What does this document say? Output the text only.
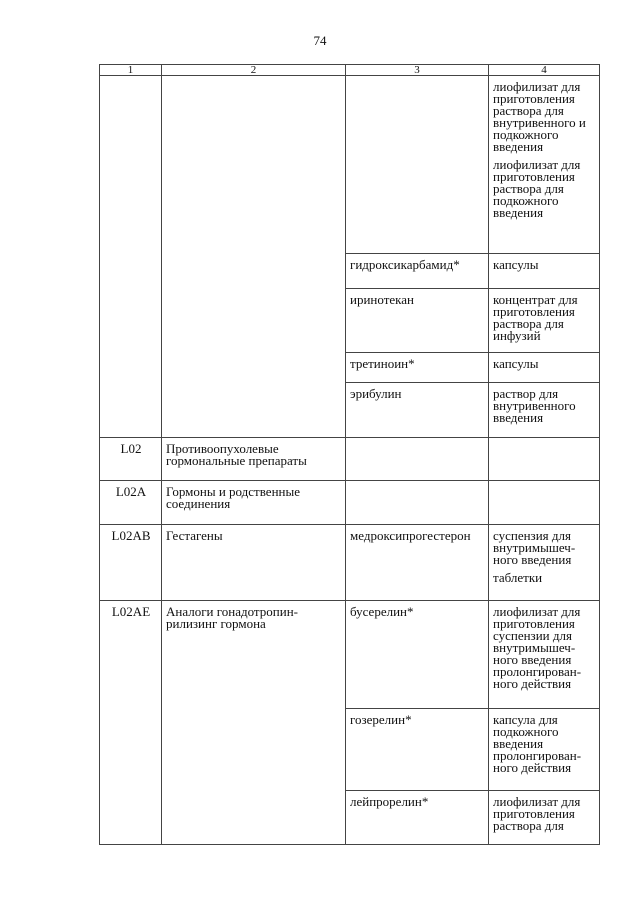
74
1	2	3	4

			лиофилизат для приготовления раствора для внутривенного и подкожного введения
лиофилизат для приготовления раствора для подкожного введения

		гидроксикарбамид*	капсулы

		иринотекан	концентрат для приготовления раствора для инфузий

		третиноин*	капсулы

		эрибулин	раствор для внутривенного введения

L02	Противоопухолевые гормональные препараты		
L02A	Гормоны и родственные соединения		
L02AB	Гестагены	медроксипрогестерон	суспензия для внутримышеч-ного введения
таблетки

L02AE	Аналоги гонадотропин-рилизинг гормона	бусерелин*	лиофилизат для приготовления суспензии для внутримышеч-ного введения пролонгирован-ного действия

		гозерелин*	капсула для подкожного введения пролонгирован-ного действия

		лейпрорелин*	лиофилизат для приготовления раствора для
